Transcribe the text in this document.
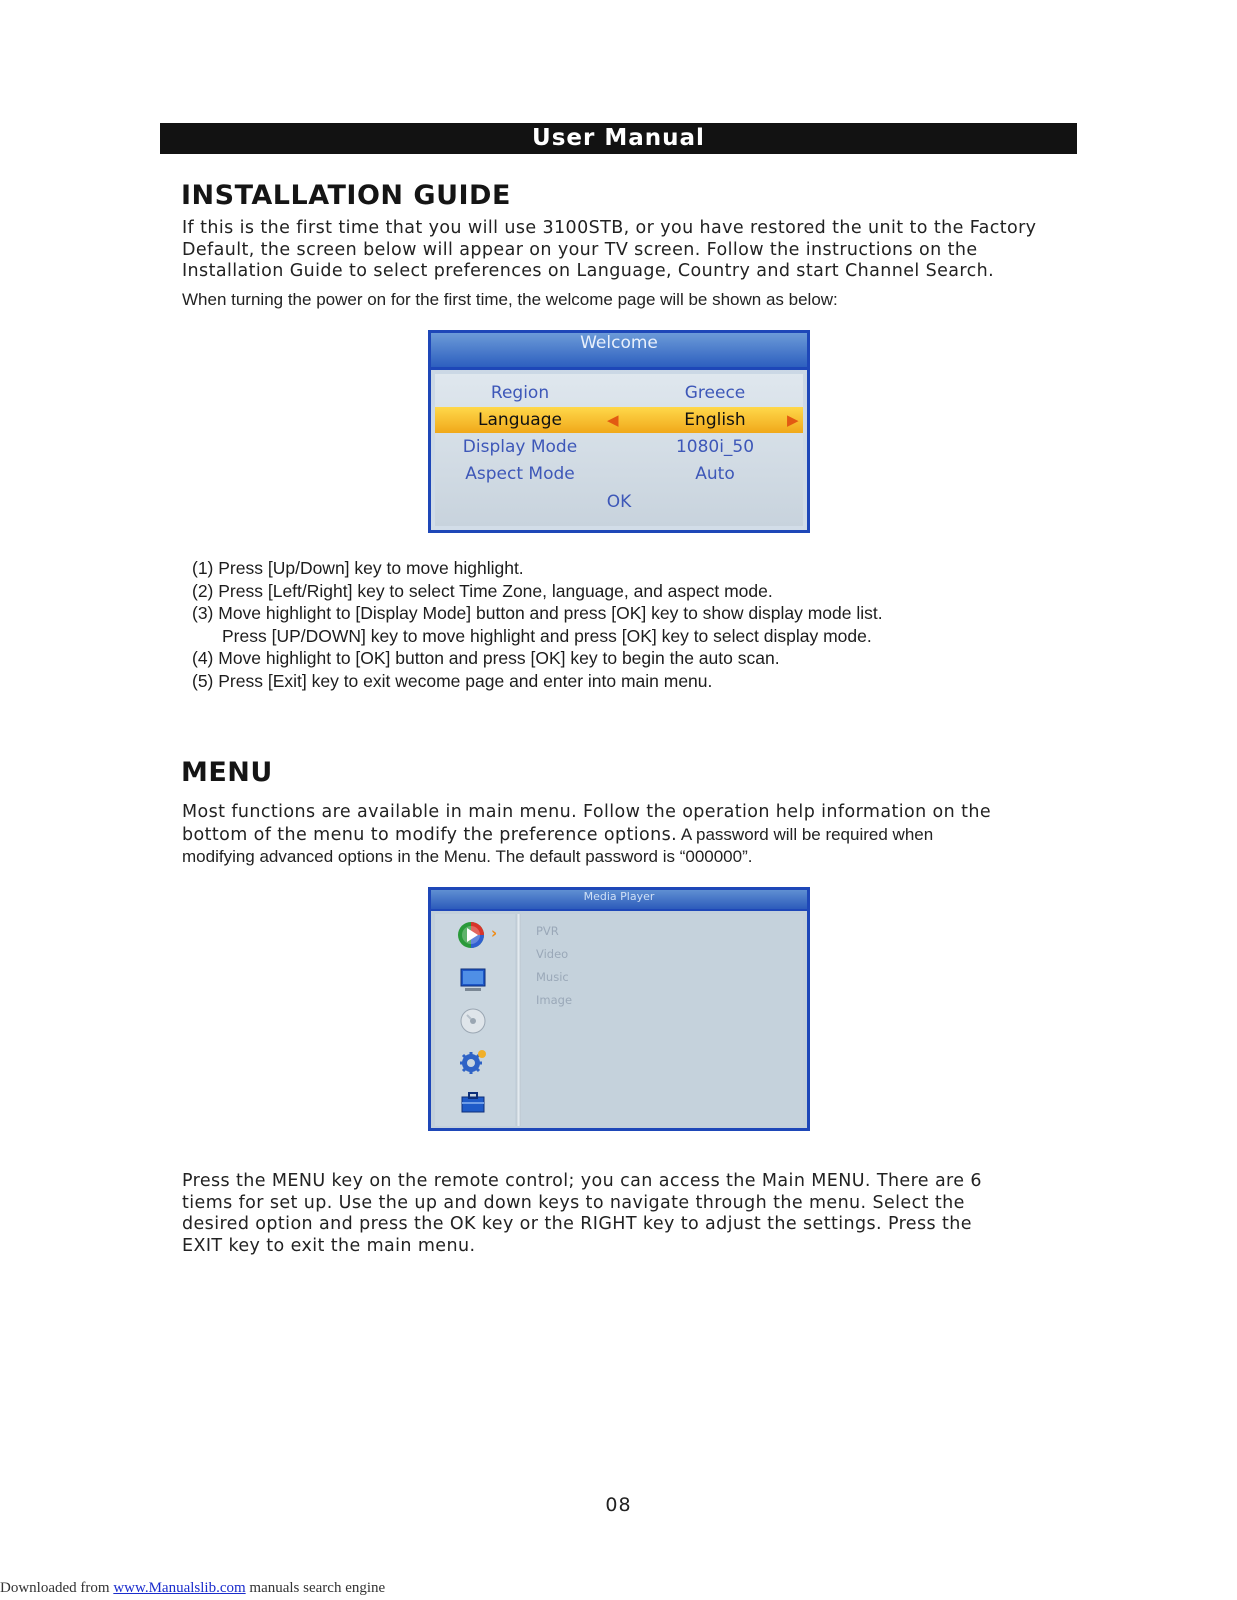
User Manual
INSTALLATION GUIDE
If this is the first time that you will use 3100STB, or you have restored the unit to the Factory
Default, the screen below will appear on your TV screen. Follow the instructions on the
Installation Guide to select preferences on Language, Country and start Channel Search.
When turning the power on for the first time, the welcome page will be shown as below:
Welcome
Region	Greece
Language	◀	English	▶
Display Mode	1080i_50
Aspect Mode	Auto
OK
(1) Press [Up/Down] key to move highlight.
(2) Press [Left/Right] key to select Time Zone, language, and aspect mode.
(3) Move highlight to [Display Mode] button and press [OK] key to show display mode list.
Press [UP/DOWN] key to move highlight and press [OK] key to select display mode.
(4) Move highlight to [OK] button and press [OK] key to begin the auto scan.
(5) Press [Exit] key to exit wecome page and enter into main menu.
MENU
Most functions are available in main menu. Follow the operation help information on the
bottom of the menu to modify the preference options. A password will be required when
modifying advanced options in the Menu. The default password is “000000”.
Media Player
›	PVR
Video
Music
Image
Press the MENU key on the remote control; you can access the Main MENU. There are 6
tiems for set up. Use the up and down keys to navigate through the menu. Select the
desired option and press the OK key or the RIGHT key to adjust the settings. Press the
EXIT key to exit the main menu.
08
Downloaded from www.Manualslib.com manuals search engine
